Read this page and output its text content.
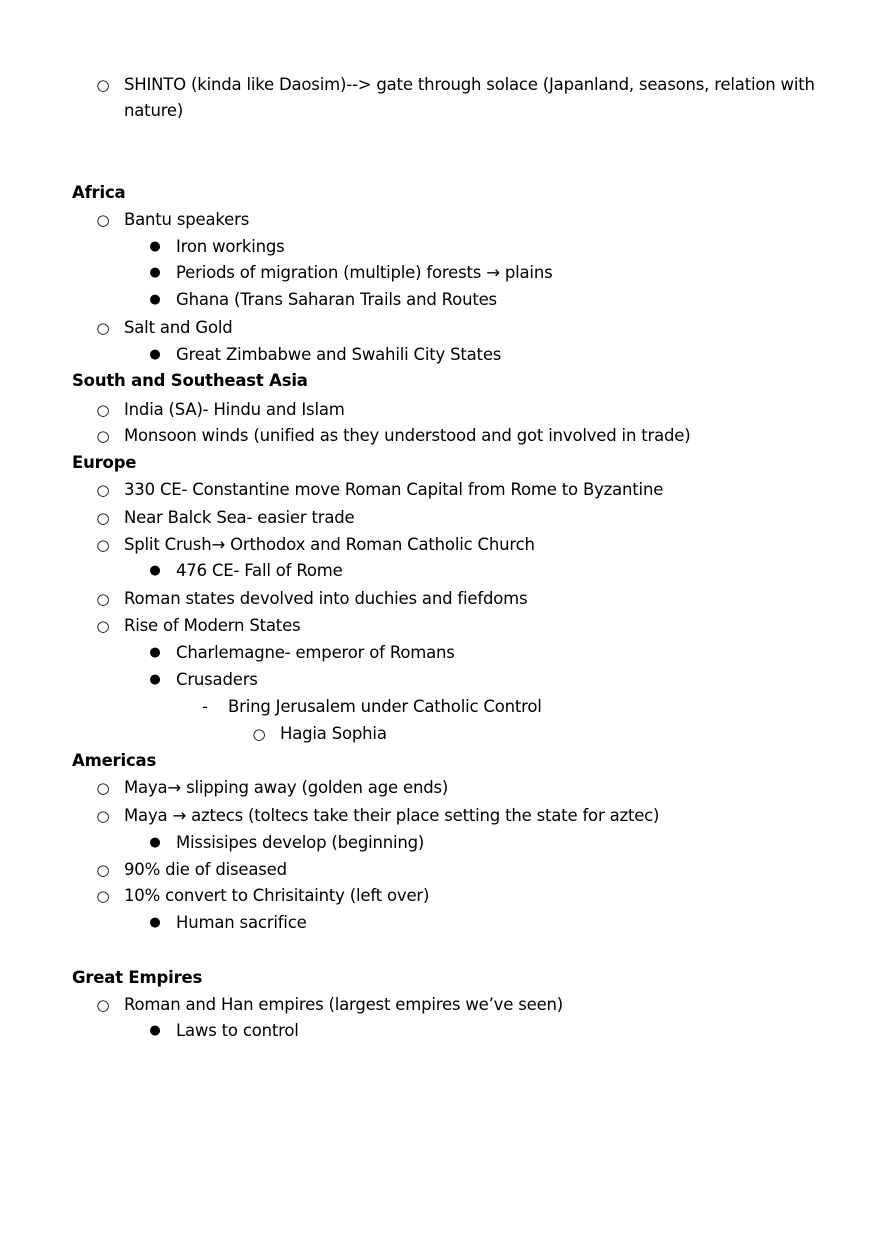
○ SHINTO (kinda like Daosim)--> gate through solace (Japanland, seasons, relation with
nature)
Africa
○ Bantu speakers
● Iron workings
● Periods of migration (multiple) forests → plains
● Ghana (Trans Saharan Trails and Routes
○ Salt and Gold
● Great Zimbabwe and Swahili City States
South and Southeast Asia
○ India (SA)- Hindu and Islam
○ Monsoon winds (unified as they understood and got involved in trade)
Europe
○ 330 CE- Constantine move Roman Capital from Rome to Byzantine
○ Near Balck Sea- easier trade
○ Split Crush→ Orthodox and Roman Catholic Church
● 476 CE- Fall of Rome
○ Roman states devolved into duchies and fiefdoms
○ Rise of Modern States
● Charlemagne- emperor of Romans
● Crusaders
- Bring Jerusalem under Catholic Control
○ Hagia Sophia
Americas
○ Maya→ slipping away (golden age ends)
○ Maya → aztecs (toltecs take their place setting the state for aztec)
● Missisipes develop (beginning)
○ 90% die of diseased
○ 10% convert to Chrisitainty (left over)
● Human sacrifice
Great Empires
○ Roman and Han empires (largest empires we’ve seen)
● Laws to control
